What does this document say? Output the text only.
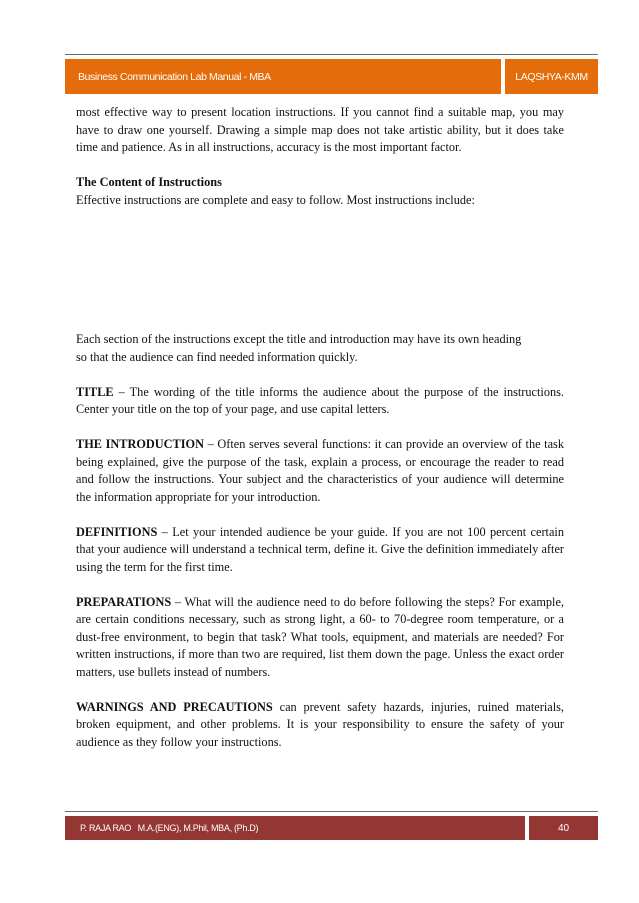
Business Communication Lab Manual - MBA	LAQSHYA-KMM

most effective way to present location instructions. If you cannot find a suitable map, you may have to draw one yourself. Drawing a simple map does not take artistic ability, but it does take time and patience. As in all instructions, accuracy is the most important factor.

The Content of Instructions
Effective instructions are complete and easy to follow. Most instructions include:

Each section of the instructions except the title and introduction may have its own heading so that the audience can find needed information quickly.

TITLE – The wording of the title informs the audience about the purpose of the instructions. Center your title on the top of your page, and use capital letters.

THE INTRODUCTION – Often serves several functions: it can provide an overview of the task being explained, give the purpose of the task, explain a process, or encourage the reader to read and follow the instructions. Your subject and the characteristics of your audience will determine the information appropriate for your introduction.

DEFINITIONS – Let your intended audience be your guide. If you are not 100 percent certain that your audience will understand a technical term, define it. Give the definition immediately after using the term for the first time.

PREPARATIONS – What will the audience need to do before following the steps? For example, are certain conditions necessary, such as strong light, a 60- to 70-degree room temperature, or a dust-free environment, to begin that task? What tools, equipment, and materials are needed? For written instructions, if more than two are required, list them down the page. Unless the exact order matters, use bullets instead of numbers.

WARNINGS AND PRECAUTIONS can prevent safety hazards, injuries, ruined materials, broken equipment, and other problems. It is your responsibility to ensure the safety of your audience as they follow your instructions.

P. RAJA RAO   M.A.(ENG), M.Phil, MBA, (Ph.D)	40
